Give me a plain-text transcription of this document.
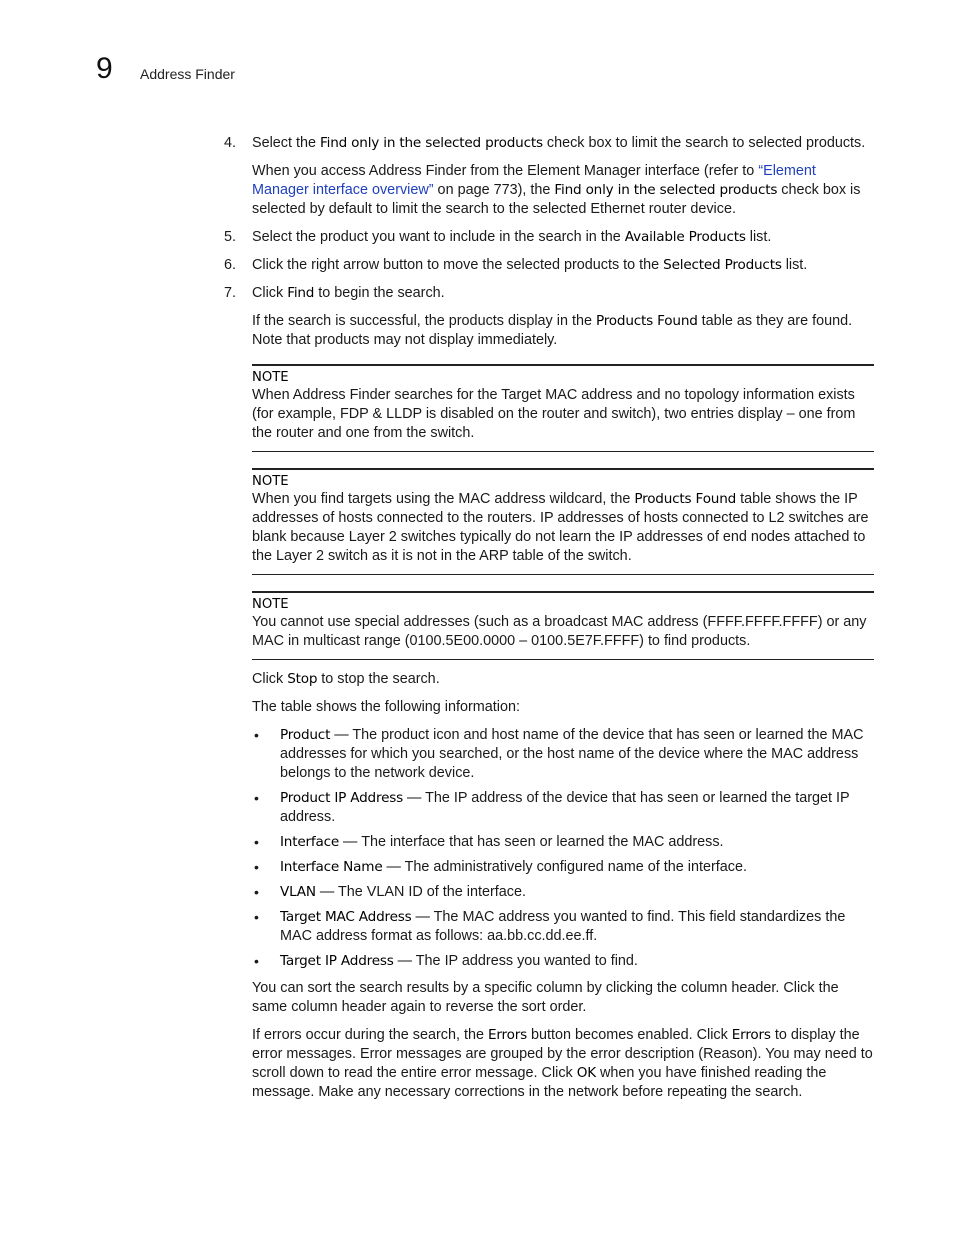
9 Address Finder

4. Select the Find only in the selected products check box to limit the search to selected products.

When you access Address Finder from the Element Manager interface (refer to “Element Manager interface overview” on page 773), the Find only in the selected products check box is selected by default to limit the search to the selected Ethernet router device.

5. Select the product you want to include in the search in the Available Products list.

6. Click the right arrow button to move the selected products to the Selected Products list.

7. Click Find to begin the search.

If the search is successful, the products display in the Products Found table as they are found. Note that products may not display immediately.

NOTE
When Address Finder searches for the Target MAC address and no topology information exists (for example, FDP & LLDP is disabled on the router and switch), two entries display – one from the router and one from the switch.
NOTE
When you find targets using the MAC address wildcard, the Products Found table shows the IP addresses of hosts connected to the routers. IP addresses of hosts connected to L2 switches are blank because Layer 2 switches typically do not learn the IP addresses of end nodes attached to the Layer 2 switch as it is not in the ARP table of the switch.
NOTE
You cannot use special addresses (such as a broadcast MAC address (FFFF.FFFF.FFFF) or any MAC in multicast range (0100.5E00.0000 – 0100.5E7F.FFFF) to find products.

Click Stop to stop the search.

The table shows the following information:

• Product — The product icon and host name of the device that has seen or learned the MAC addresses for which you searched, or the host name of the device where the MAC address belongs to the network device.
• Product IP Address — The IP address of the device that has seen or learned the target IP address.
• Interface — The interface that has seen or learned the MAC address.
• Interface Name — The administratively configured name of the interface.
• VLAN — The VLAN ID of the interface.
• Target MAC Address — The MAC address you wanted to find. This field standardizes the MAC address format as follows: aa.bb.cc.dd.ee.ff.
• Target IP Address — The IP address you wanted to find.

You can sort the search results by a specific column by clicking the column header. Click the same column header again to reverse the sort order.

If errors occur during the search, the Errors button becomes enabled. Click Errors to display the error messages. Error messages are grouped by the error description (Reason). You may need to scroll down to read the entire error message. Click OK when you have finished reading the message. Make any necessary corrections in the network before repeating the search.
